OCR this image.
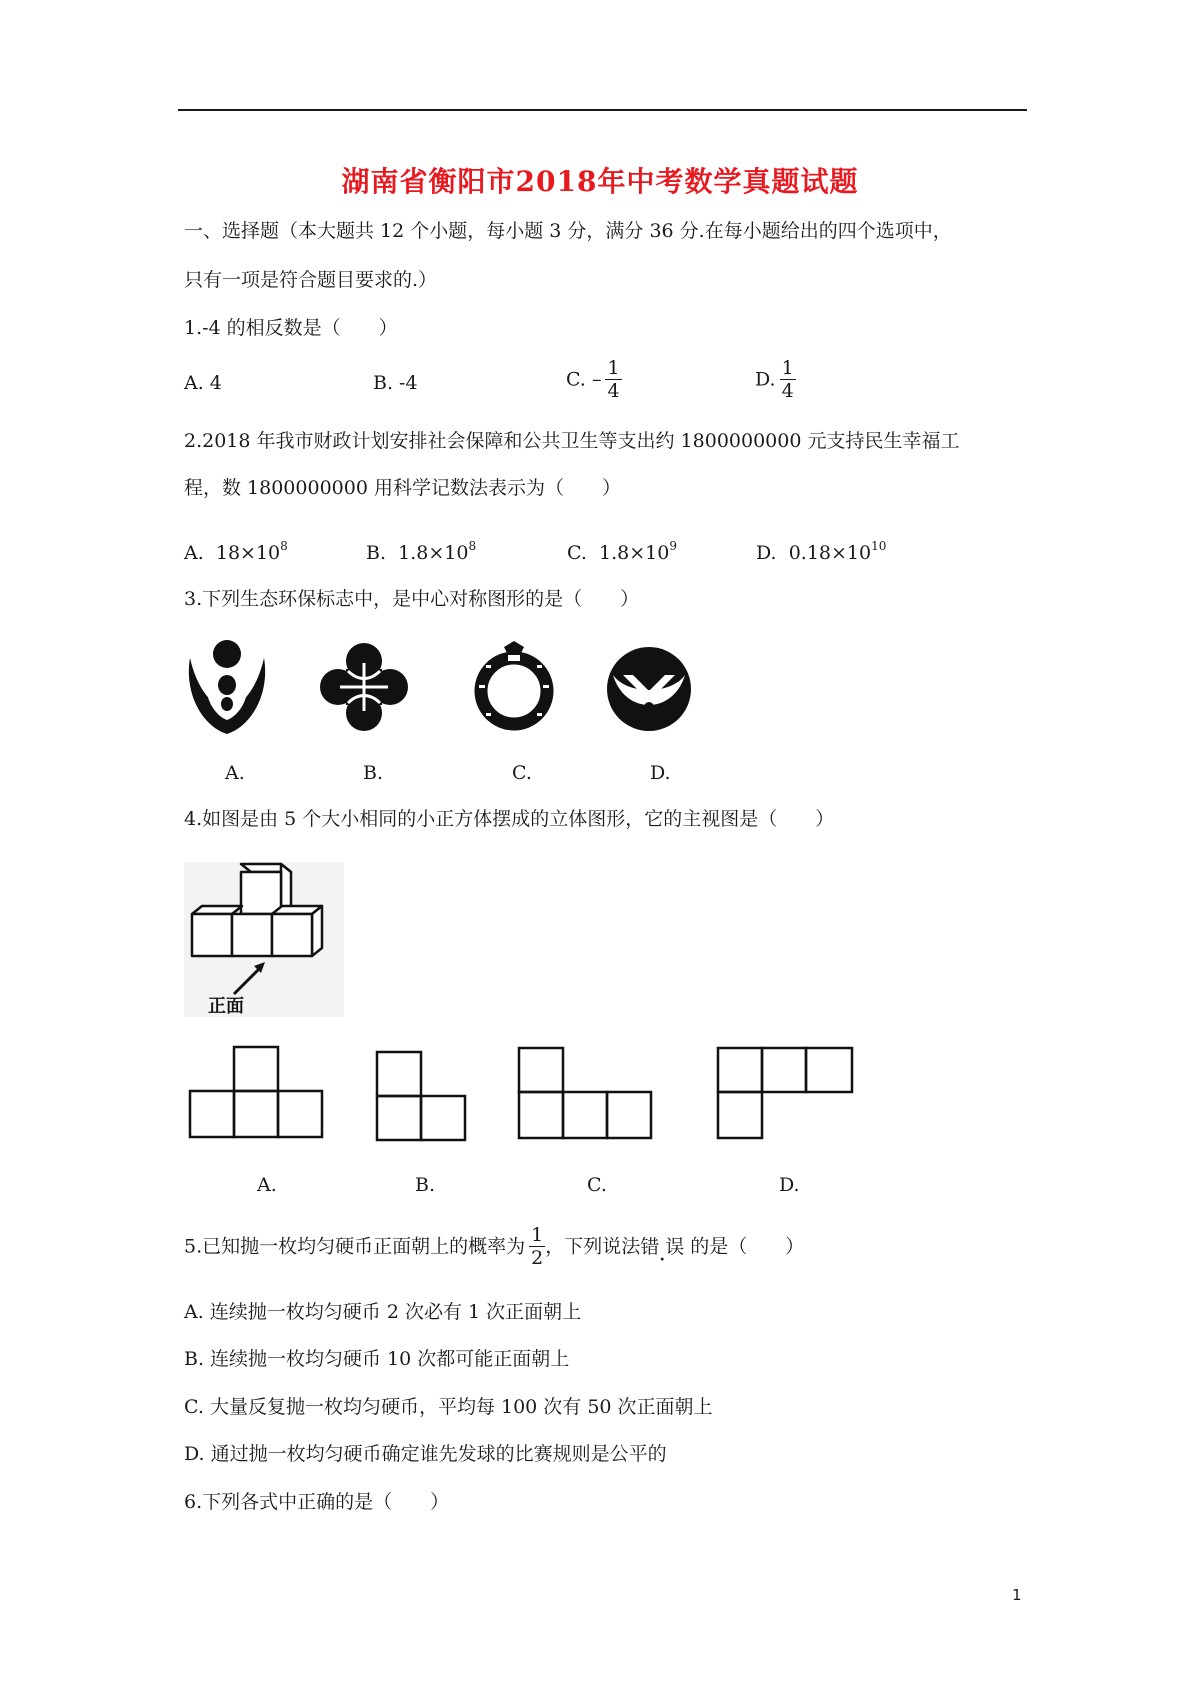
湖南省衡阳市2018年中考数学真题试题
一、选择题（本大题共 12 个小题，每小题 3 分，满分 36 分.在每小题给出的四个选项中，
只有一项是符合题目要求的.）
1.-4 的相反数是（　　）
A. 4	B. -4	C. – $\frac{1}{4}$	D. $\frac{1}{4}$
2.2018 年我市财政计划安排社会保障和公共卫生等支出约 1800000000 元支持民生幸福工
程，数 1800000000 用科学记数法表示为（　　）
A. $18\times 10^8$	B. $1.8\times 10^8$	C. $1.8\times 10^9$	D. $0.18\times 10^{10}$
3.下列生态环保标志中，是中心对称图形的是（　　）
A.	B.	C.	D.
4.如图是由 5 个大小相同的小正方体摆成的立体图形，它的主视图是（　　）
正面
A.	B.	C.	D.
5.已知抛一枚均匀硬币正面朝上的概率为 $\frac{1}{2}$ ，下列说法错误的是（　　）
A. 连续抛一枚均匀硬币 2 次必有 1 次正面朝上
B. 连续抛一枚均匀硬币 10 次都可能正面朝上
C. 大量反复抛一枚均匀硬币，平均每 100 次有 50 次正面朝上
D. 通过抛一枚均匀硬币确定谁先发球的比赛规则是公平的
6.下列各式中正确的是（　　）
1
